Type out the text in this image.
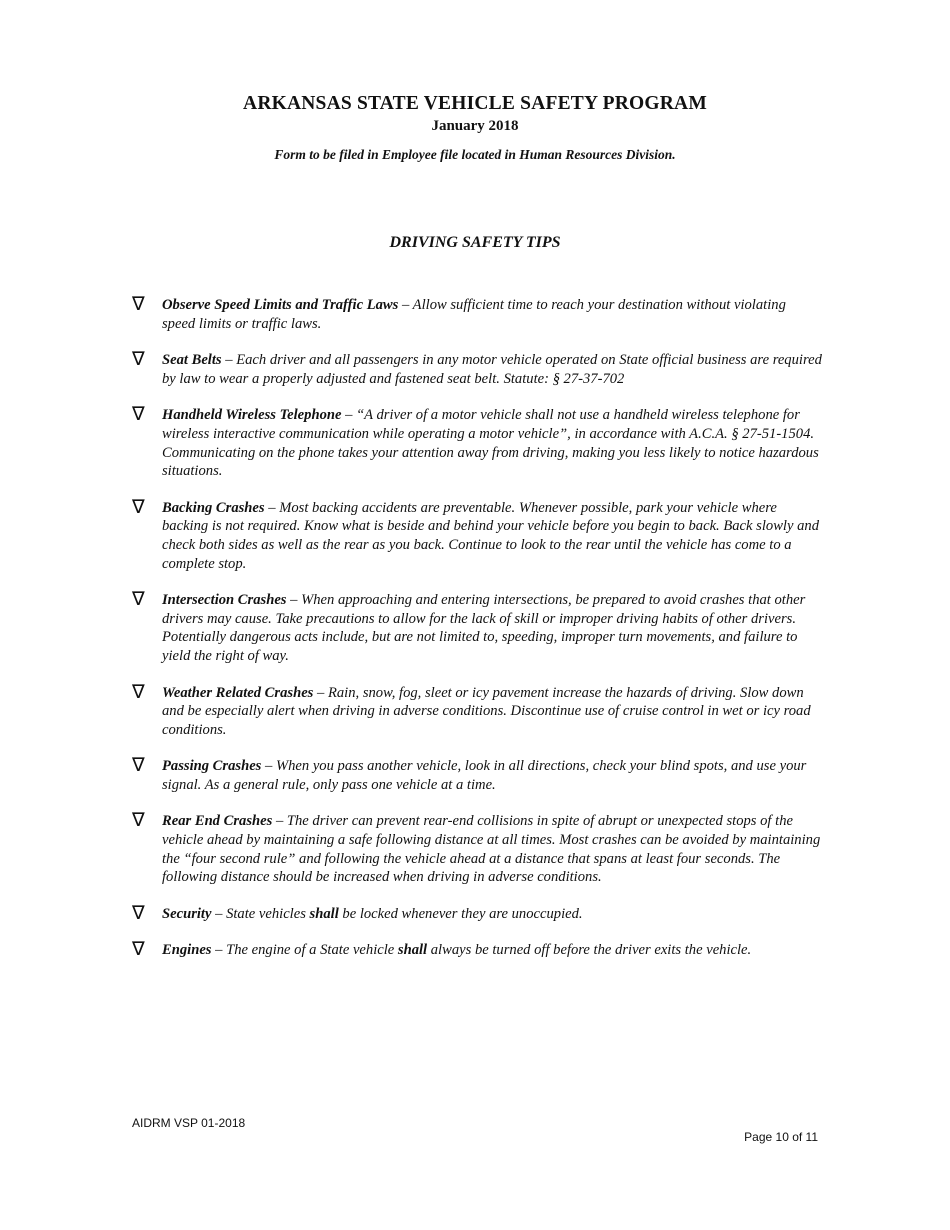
ARKANSAS STATE VEHICLE SAFETY PROGRAM
January 2018
Form to be filed in Employee file located in Human Resources Division.
DRIVING SAFETY TIPS
∇ Observe Speed Limits and Traffic Laws – Allow sufficient time to reach your destination without violating speed limits or traffic laws.
∇ Seat Belts – Each driver and all passengers in any motor vehicle operated on State official business are required by law to wear a properly adjusted and fastened seat belt. Statute: § 27-37-702
∇ Handheld Wireless Telephone – “A driver of a motor vehicle shall not use a handheld wireless telephone for wireless interactive communication while operating a motor vehicle”, in accordance with A.C.A. § 27-51-1504. Communicating on the phone takes your attention away from driving, making you less likely to notice hazardous situations.
∇ Backing Crashes – Most backing accidents are preventable. Whenever possible, park your vehicle where backing is not required. Know what is beside and behind your vehicle before you begin to back. Back slowly and check both sides as well as the rear as you back. Continue to look to the rear until the vehicle has come to a complete stop.
∇ Intersection Crashes – When approaching and entering intersections, be prepared to avoid crashes that other drivers may cause. Take precautions to allow for the lack of skill or improper driving habits of other drivers. Potentially dangerous acts include, but are not limited to, speeding, improper turn movements, and failure to yield the right of way.
∇ Weather Related Crashes – Rain, snow, fog, sleet or icy pavement increase the hazards of driving. Slow down and be especially alert when driving in adverse conditions. Discontinue use of cruise control in wet or icy road conditions.
∇ Passing Crashes – When you pass another vehicle, look in all directions, check your blind spots, and use your signal. As a general rule, only pass one vehicle at a time.
∇ Rear End Crashes – The driver can prevent rear-end collisions in spite of abrupt or unexpected stops of the vehicle ahead by maintaining a safe following distance at all times. Most crashes can be avoided by maintaining the “four second rule” and following the vehicle ahead at a distance that spans at least four seconds. The following distance should be increased when driving in adverse conditions.
∇ Security – State vehicles shall be locked whenever they are unoccupied.
∇ Engines – The engine of a State vehicle shall always be turned off before the driver exits the vehicle.
AIDRM VSP 01-2018
Page 10 of 11
